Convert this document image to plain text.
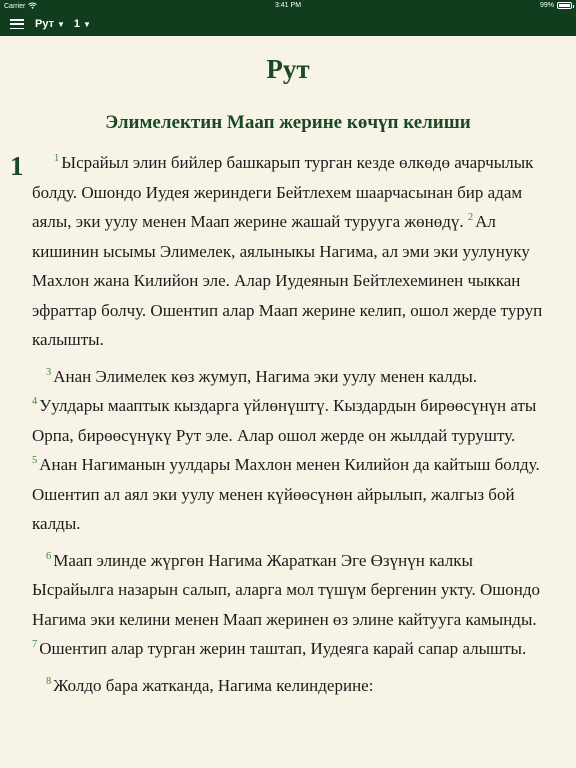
Carrier	3:41 PM	99%
Рут ▼ 1 ▼
Рут
Элимелектин Маап жерине көчүп келиши

1	$^1$ Ысрайыл элин бийлер башкарып турган кезде өлкөдө ачарчылык болду. Ошондо Иудея жериндеги Бейтлехем шаарчасынан бир адам аялы, эки уулу менен Маап жерине жашай турууга жөнөдү. $^2$ Ал кишинин ысымы Элимелек, аялыныкы Нагима, ал эми эки уулунуку Махлон жана Килийон эле. Алар Иудеянын Бейтлехеминен чыккан эфраттар болчу. Ошентип алар Маап жерине келип, ошол жерде туруп калышты.

$^3$ Анан Элимелек көз жумуп, Нагима эки уулу менен калды. $^4$ Уулдары мааптык кыздарга үйлөнүштү. Кыздардын бирөөсүнүн аты Орпа, бирөөсүнүкү Рут эле. Алар ошол жерде он жылдай турушту. $^5$ Анан Нагиманын уулдары Махлон менен Килийон да кайтыш болду. Ошентип ал аял эки уулу менен күйөөсүнөн айрылып, жалгыз бой калды.

$^6$ Маап элинде жүргөн Нагима Жараткан Эге Өзүнүн калкы Ысрайылга назарын салып, аларга мол түшүм бергенин укту. Ошондо Нагима эки келини менен Маап жеринен өз элине кайтууга камынды. $^7$ Ошентип алар турган жерин таштап, Иудеяга карай сапар алышты.

$^8$ Жолдо бара жатканда, Нагима келиндерине:
